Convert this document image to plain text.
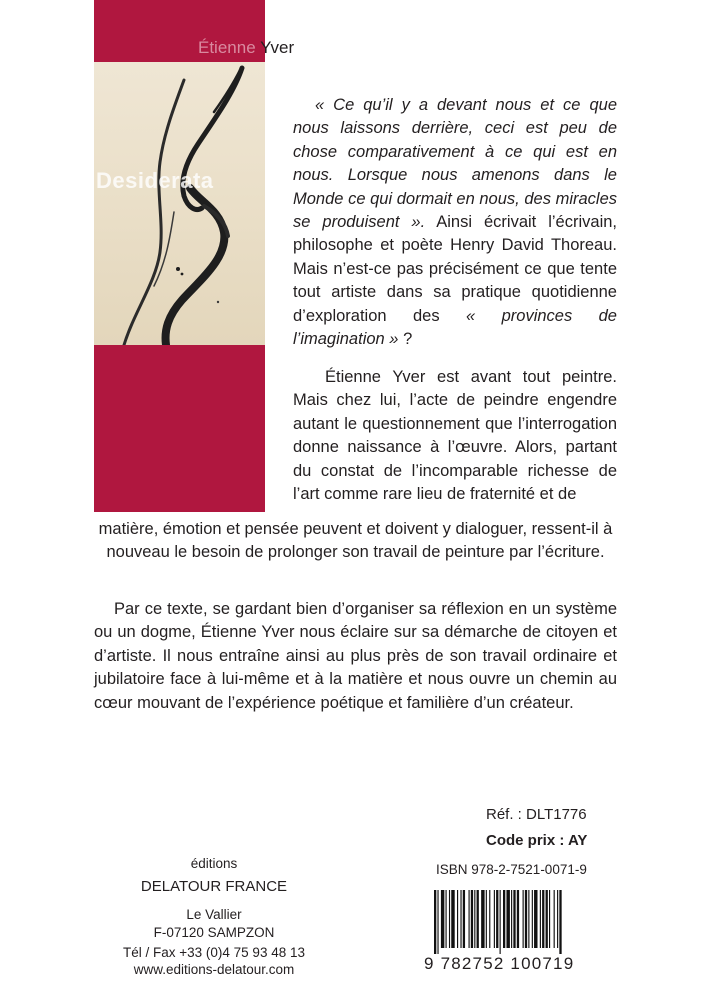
Étienne Yver
Desiderata

« Ce qu’il y a devant nous et ce que nous laissons derrière, ceci est peu de chose comparativement à ce qui est en nous. Lorsque nous amenons dans le Monde ce qui dormait en nous, des miracles se produisent ». Ainsi écrivait l’écrivain, philosophe et poète Henry David Thoreau. Mais n’est-ce pas précisément ce que tente tout artiste dans sa pratique quotidienne d’exploration des « provinces de l’imagination » ?

Étienne Yver est avant tout peintre. Mais chez lui, l’acte de peindre engendre autant le questionnement que l’interrogation donne naissance à l’œuvre. Alors, partant du constat de l’incomparable richesse de l’art comme rare lieu de fraternité et de

matière, émotion et pensée peuvent et doivent y dialoguer, ressent-il à nouveau le besoin de prolonger son travail de peinture par l’écriture.

Par ce texte, se gardant bien d’organiser sa réflexion en un système ou un dogme, Étienne Yver nous éclaire sur sa démarche de citoyen et d’artiste. Il nous entraîne ainsi au plus près de son travail ordinaire et jubilatoire face à lui-même et à la matière et nous ouvre un chemin au cœur mouvant de l’expérience poétique et familière d’un créateur.

éditions
DELATOUR FRANCE
Le Vallier
F-07120 SAMPZON
Tél / Fax +33 (0)4 75 93 48 13
www.editions-delatour.com
Réf. : DLT1776
Code prix : AY
ISBN 978-2-7521-0071-9
9 782752 100719
